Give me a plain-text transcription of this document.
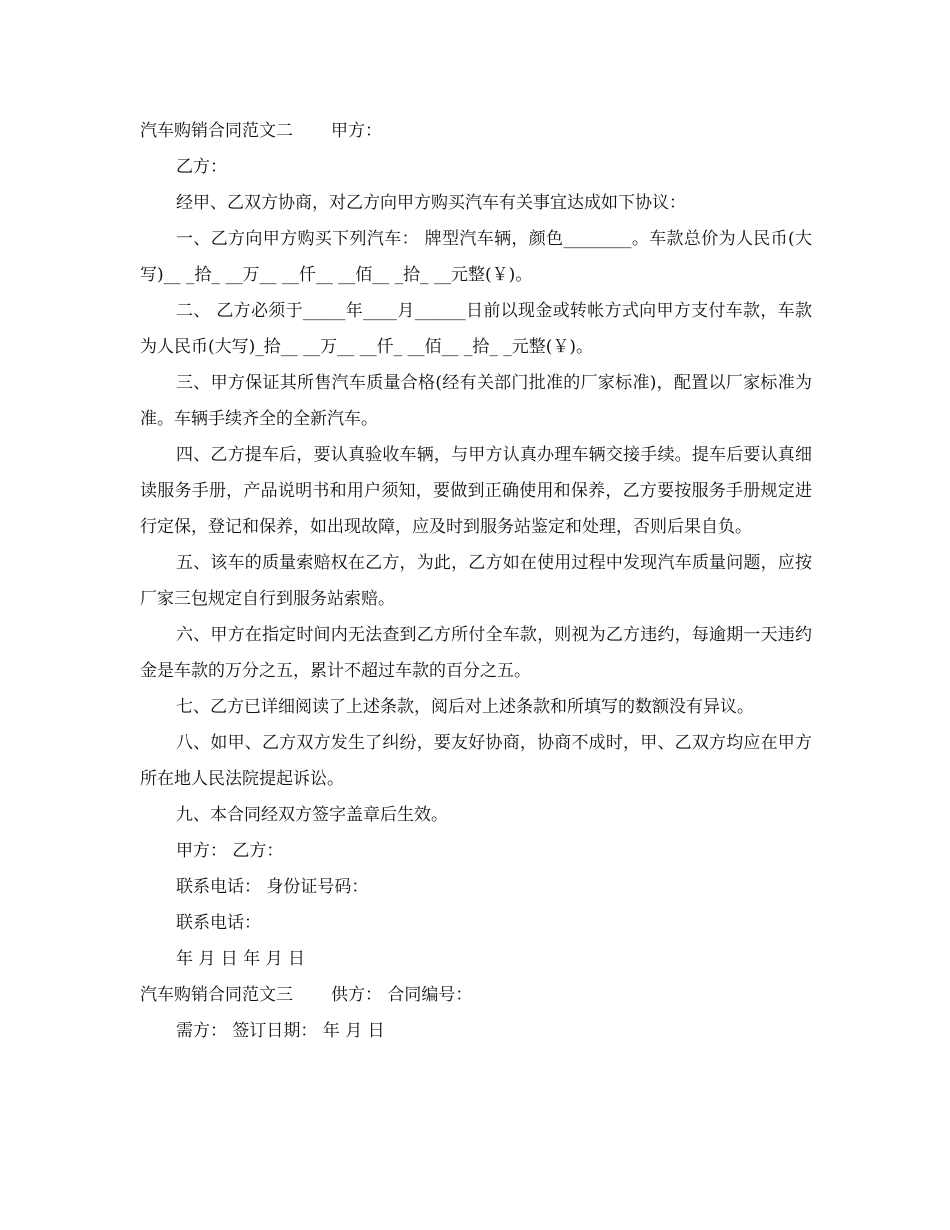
汽车购销合同范文二 甲方：

乙方：

经甲、乙双方协商，对乙方向甲方购买汽车有关事宜达成如下协议：

一、乙方向甲方购买下列汽车： 牌型汽车辆，颜色________。车款总价为人民币(大写)__ _拾_ __万__ __仟__ __佰__ _拾_ __元整(￥)。

二、 乙方必须于_____年____月______日前以现金或转帐方式向甲方支付车款，车款为人民币(大写)_拾__ __万__ __仟_ __佰__ _拾_ _元整(￥)。

三、甲方保证其所售汽车质量合格(经有关部门批准的厂家标准)，配置以厂家标准为准。车辆手续齐全的全新汽车。

四、乙方提车后，要认真验收车辆，与甲方认真办理车辆交接手续。提车后要认真细读服务手册，产品说明书和用户须知，要做到正确使用和保养，乙方要按服务手册规定进行定保，登记和保养，如出现故障，应及时到服务站鉴定和处理，否则后果自负。

五、该车的质量索赔权在乙方，为此，乙方如在使用过程中发现汽车质量问题，应按厂家三包规定自行到服务站索赔。

六、甲方在指定时间内无法查到乙方所付全车款，则视为乙方违约，每逾期一天违约金是车款的万分之五，累计不超过车款的百分之五。

七、乙方已详细阅读了上述条款，阅后对上述条款和所填写的数额没有异议。

八、如甲、乙方双方发生了纠纷，要友好协商，协商不成时，甲、乙双方均应在甲方所在地人民法院提起诉讼。

九、本合同经双方签字盖章后生效。

甲方： 乙方：

联系电话： 身份证号码：

联系电话：

年 月 日 年 月 日

汽车购销合同范文三 供方： 合同编号：

需方： 签订日期： 年 月 日
